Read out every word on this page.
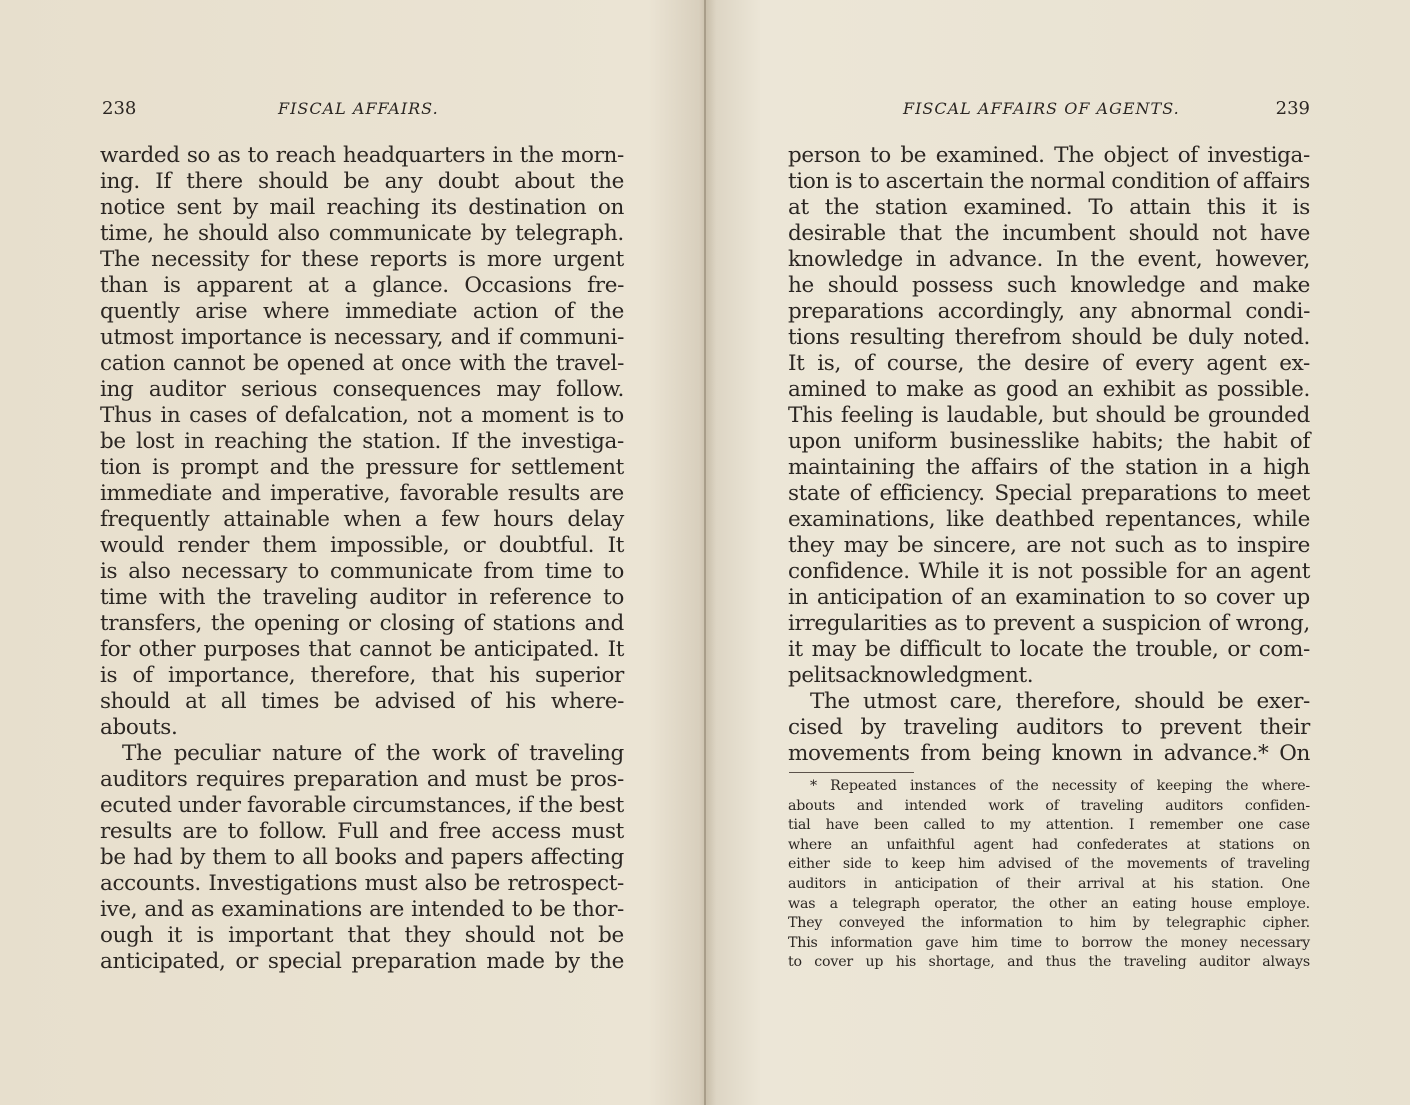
238	FISCAL AFFAIRS.
warded so as to reach headquarters in the morn-
ing. If there should be any doubt about the
notice sent by mail reaching its destination on
time, he should also communicate by telegraph.
The necessity for these reports is more urgent
than is apparent at a glance. Occasions fre-
quently arise where immediate action of the
utmost importance is necessary, and if communi-
cation cannot be opened at once with the travel-
ing auditor serious consequences may follow.
Thus in cases of defalcation, not a moment is to
be lost in reaching the station. If the investiga-
tion is prompt and the pressure for settlement
immediate and imperative, favorable results are
frequently attainable when a few hours delay
would render them impossible, or doubtful. It
is also necessary to communicate from time to
time with the traveling auditor in reference to
transfers, the opening or closing of stations and
for other purposes that cannot be anticipated. It
is of importance, therefore, that his superior
should at all times be advised of his where-
abouts.
The peculiar nature of the work of traveling
auditors requires preparation and must be pros-
ecuted under favorable circumstances, if the best
results are to follow. Full and free access must
be had by them to all books and papers affecting
accounts. Investigations must also be retrospect-
ive, and as examinations are intended to be thor-
ough it is important that they should not be
anticipated, or special preparation made by the
FISCAL AFFAIRS OF AGENTS.	239
person to be examined. The object of investiga-
tion is to ascertain the normal condition of affairs
at the station examined. To attain this it is
desirable that the incumbent should not have
knowledge in advance. In the event, however,
he should possess such knowledge and make
preparations accordingly, any abnormal condi-
tions resulting therefrom should be duly noted.
It is, of course, the desire of every agent ex-
amined to make as good an exhibit as possible.
This feeling is laudable, but should be grounded
upon uniform businesslike habits; the habit of
maintaining the affairs of the station in a high
state of efficiency. Special preparations to meet
examinations, like deathbed repentances, while
they may be sincere, are not such as to inspire
confidence. While it is not possible for an agent
in anticipation of an examination to so cover up
irregularities as to prevent a suspicion of wrong,
it may be difficult to locate the trouble, or com-
pel its acknowledgment.
The utmost care, therefore, should be exer-
cised by traveling auditors to prevent their
movements from being known in advance.* On
* Repeated instances of the necessity of keeping the where-
abouts and intended work of traveling auditors confiden-
tial have been called to my attention. I remember one case
where an unfaithful agent had confederates at stations on
either side to keep him advised of the movements of traveling
auditors in anticipation of their arrival at his station. One
was a telegraph operator, the other an eating house employe.
They conveyed the information to him by telegraphic cipher.
This information gave him time to borrow the money necessary
to cover up his shortage, and thus the traveling auditor always
